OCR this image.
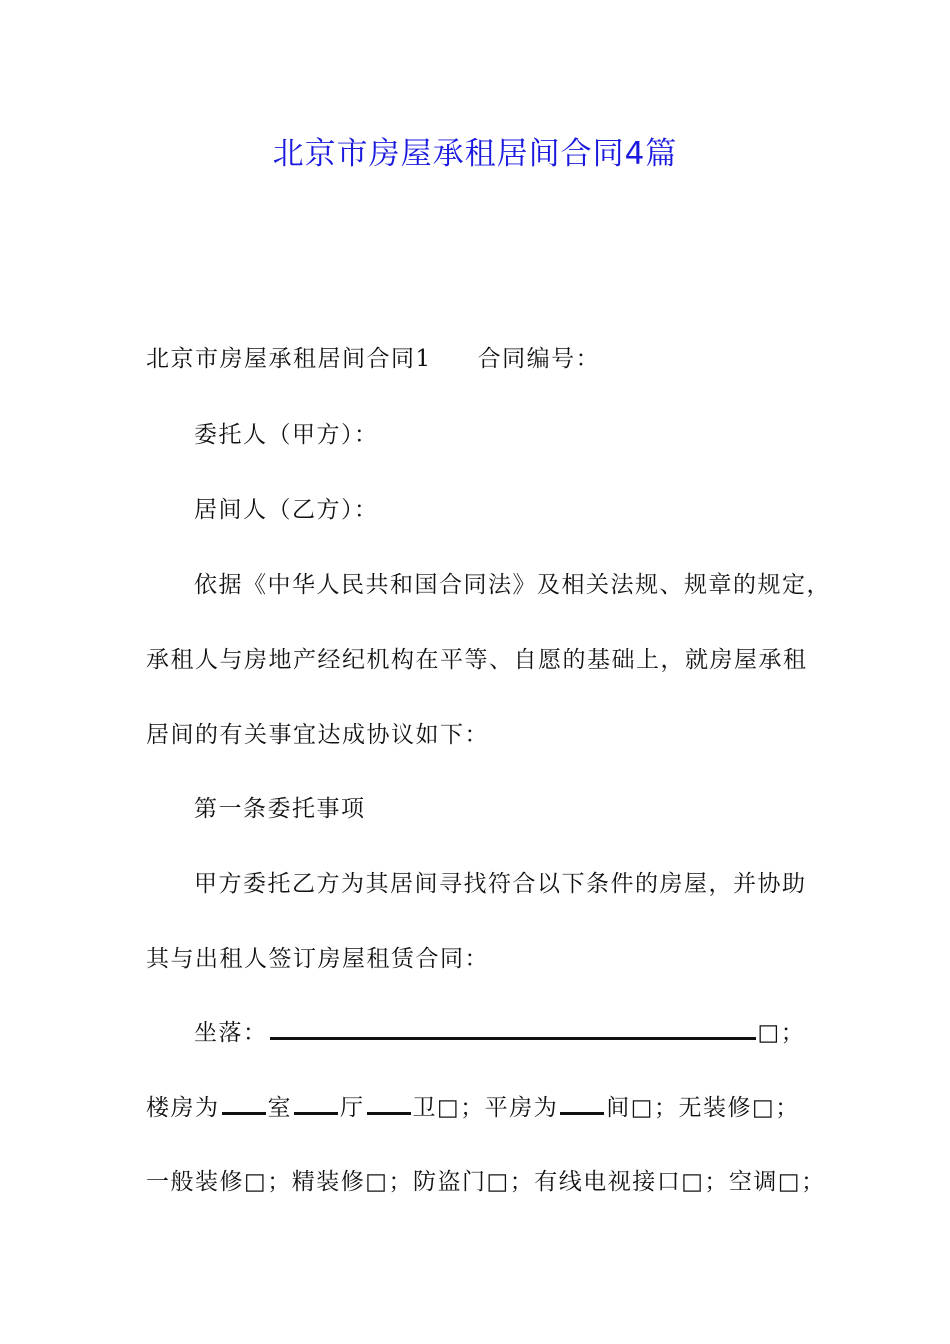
北京市房屋承租居间合同4篇
北京市房屋承租居间合同1 合同编号：
委托人（甲方）：
居间人（乙方）：
依据《中华人民共和国合同法》及相关法规、规章的规定，
承租人与房地产经纪机构在平等、自愿的基础上，就房屋承租
居间的有关事宜达成协议如下：
第一条委托事项
甲方委托乙方为其居间寻找符合以下条件的房屋，并协助
其与出租人签订房屋租赁合同：
坐落：	□；
楼房为 室 厅 卫□；平房为 间□；无装修□；
一般装修□；精装修□；防盗门□；有线电视接口□；空调□；
